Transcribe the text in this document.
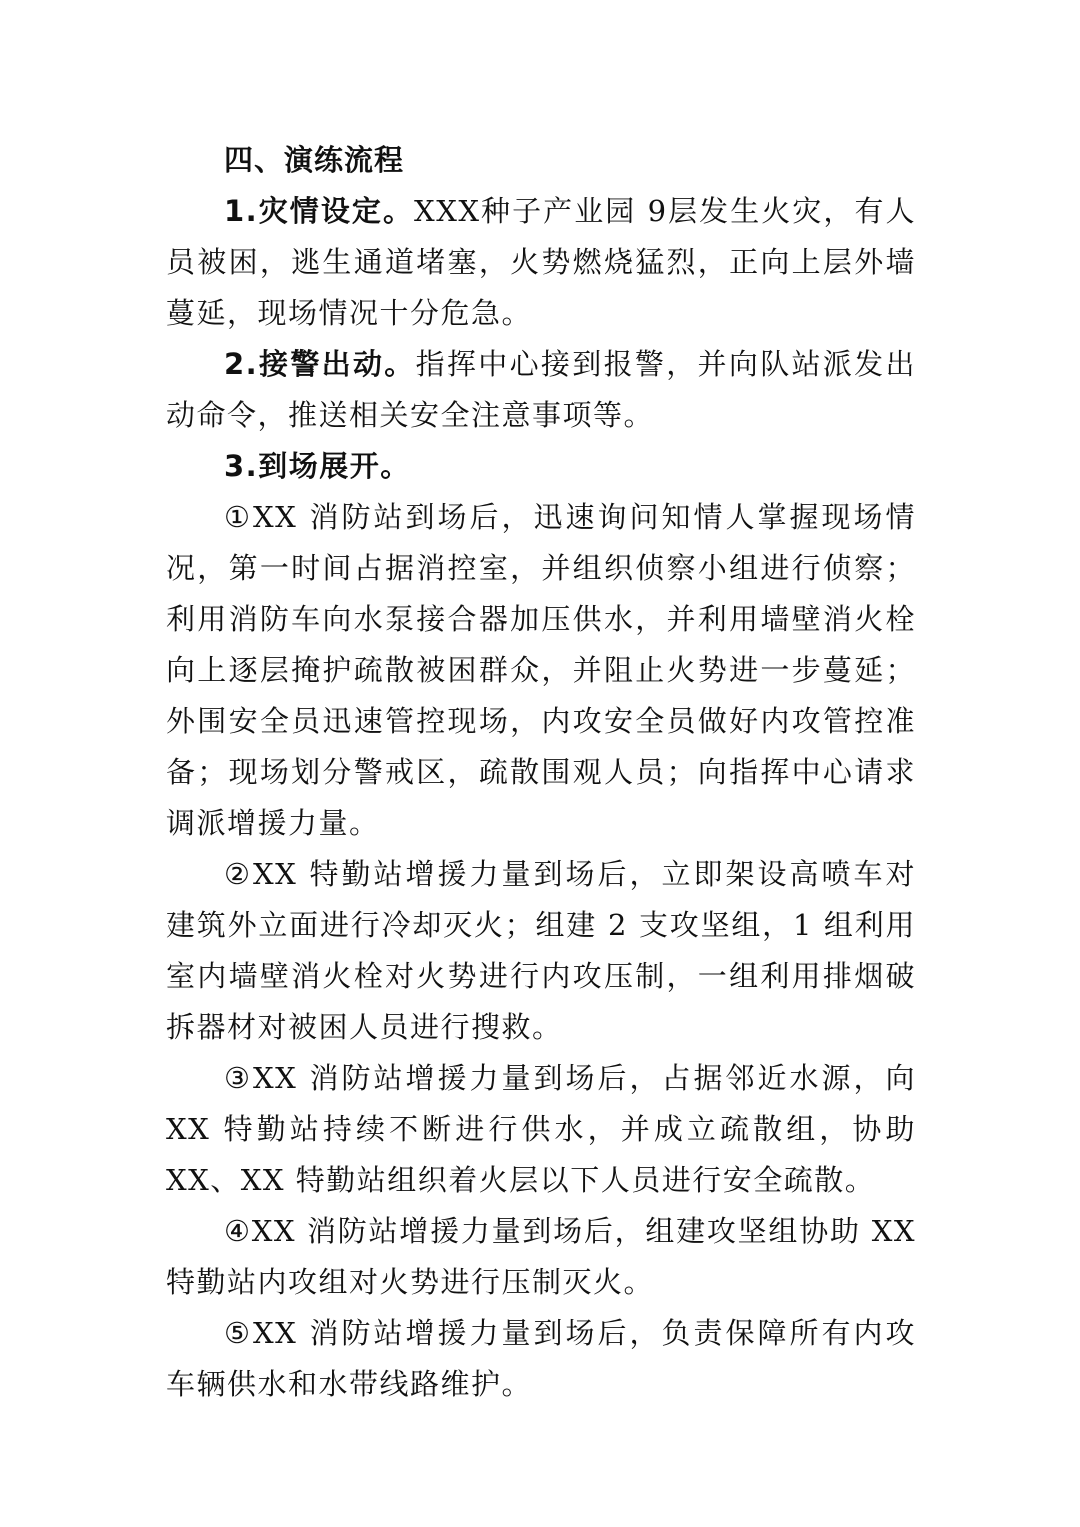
四、演练流程

1.灾情设定。XXX种子产业园 9层发生火灾，有人员被困，逃生通道堵塞，火势燃烧猛烈，正向上层外墙蔓延，现场情况十分危急。

2.接警出动。指挥中心接到报警，并向队站派发出动命令，推送相关安全注意事项等。

3.到场展开。

①XX 消防站到场后，迅速询问知情人掌握现场情况，第一时间占据消控室，并组织侦察小组进行侦察；利用消防车向水泵接合器加压供水，并利用墙壁消火栓向上逐层掩护疏散被困群众，并阻止火势进一步蔓延；外围安全员迅速管控现场，内攻安全员做好内攻管控准备；现场划分警戒区，疏散围观人员；向指挥中心请求调派增援力量。

②XX 特勤站增援力量到场后，立即架设高喷车对建筑外立面进行冷却灭火；组建 2 支攻坚组，1 组利用室内墙壁消火栓对火势进行内攻压制，一组利用排烟破拆器材对被困人员进行搜救。

③XX 消防站增援力量到场后，占据邻近水源，向 XX 特勤站持续不断进行供水，并成立疏散组，协助 XX、XX 特勤站组织着火层以下人员进行安全疏散。

④XX 消防站增援力量到场后，组建攻坚组协助 XX 特勤站内攻组对火势进行压制灭火。

⑤XX 消防站增援力量到场后，负责保障所有内攻车辆供水和水带线路维护。
